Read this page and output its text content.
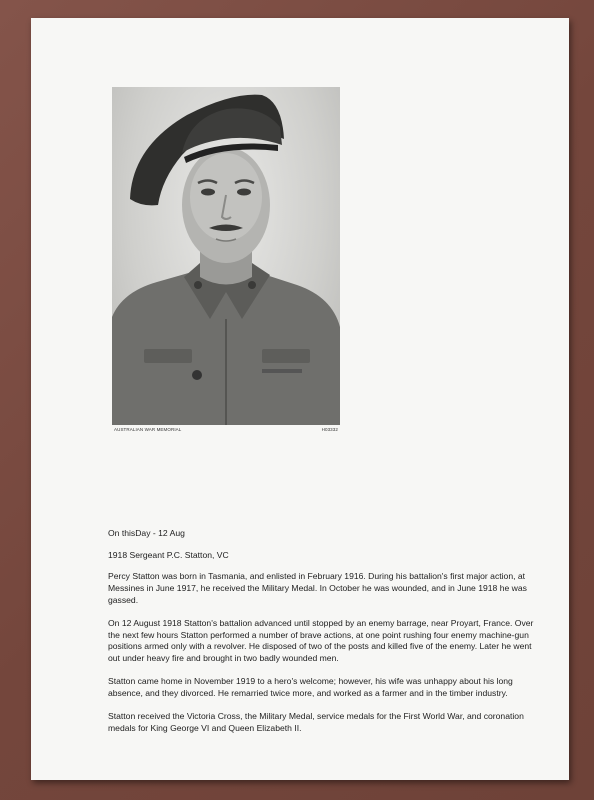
AUSTRALIAN WAR MEMORIAL	H03332

On thisDay - 12 Aug

1918 Sergeant P.C. Statton, VC

Percy Statton was born in Tasmania, and enlisted in February 1916. During his battalion's first major action, at Messines in June 1917, he received the Military Medal. In October he was wounded, and in June 1918 he was gassed.

On 12 August 1918 Statton's battalion advanced until stopped by an enemy barrage, near Proyart, France. Over the next few hours Statton performed a number of brave actions, at one point rushing four enemy machine-gun positions armed only with a revolver. He disposed of two of the posts and killed five of the enemy. Later he went out under heavy fire and brought in two badly wounded men.

Statton came home in November 1919 to a hero's welcome; however, his wife was unhappy about his long absence, and they divorced. He remarried twice more, and worked as a farmer and in the timber industry.

Statton received the Victoria Cross, the Military Medal, service medals for the First World War, and coronation medals for King George VI and Queen Elizabeth II.
